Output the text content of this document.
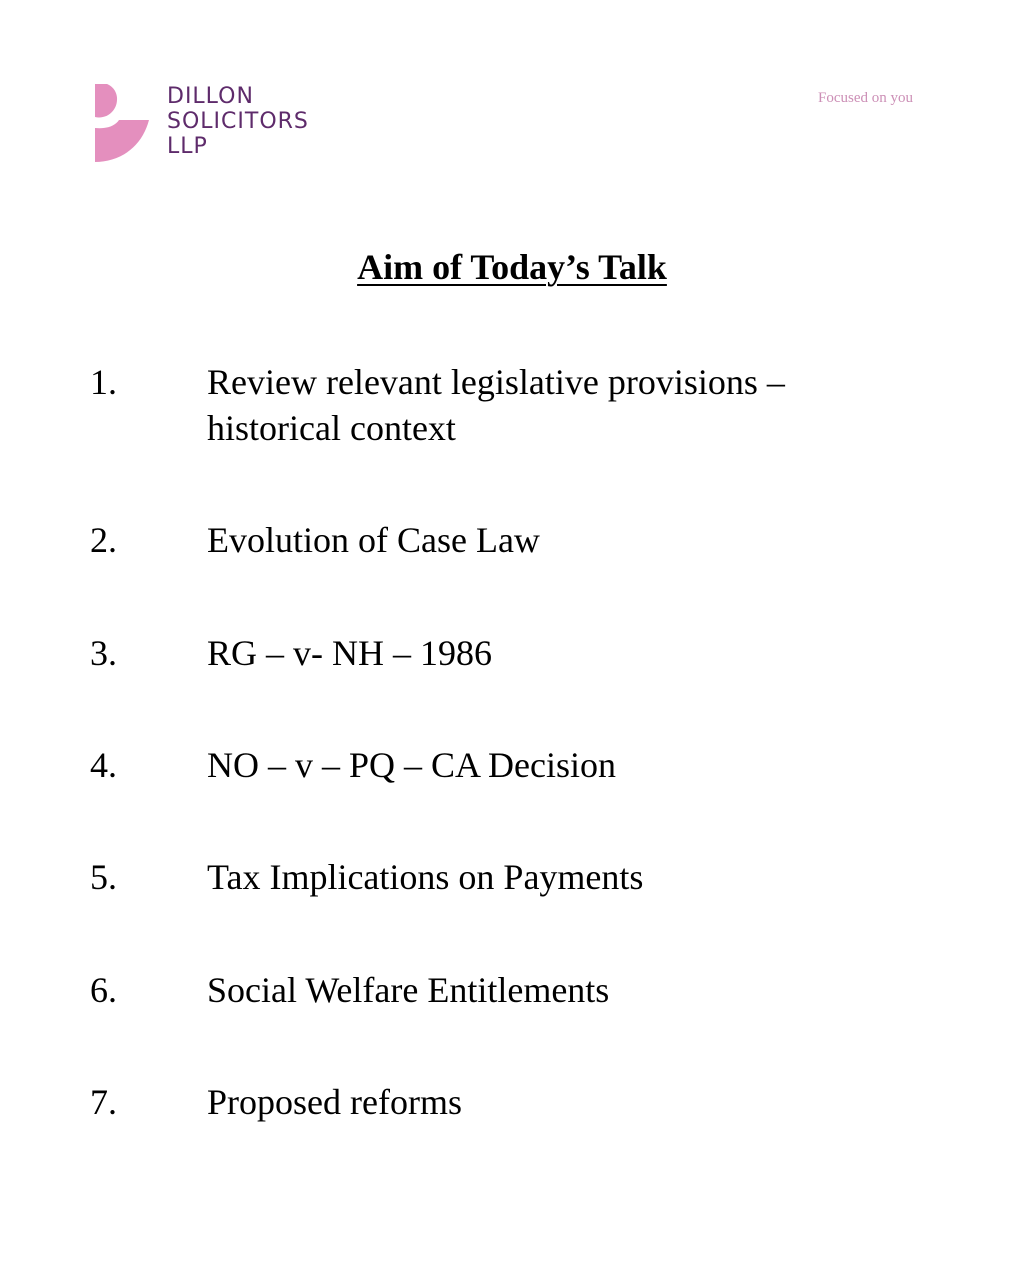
DILLON
SOLICITORS
LLP
Focused on you
Aim of Today’s Talk
1.	Review relevant legislative provisions – historical context
2.	Evolution of Case Law
3.	RG – v- NH – 1986
4.	NO – v – PQ – CA Decision
5.	Tax Implications on Payments
6.	Social Welfare Entitlements
7.	Proposed reforms
